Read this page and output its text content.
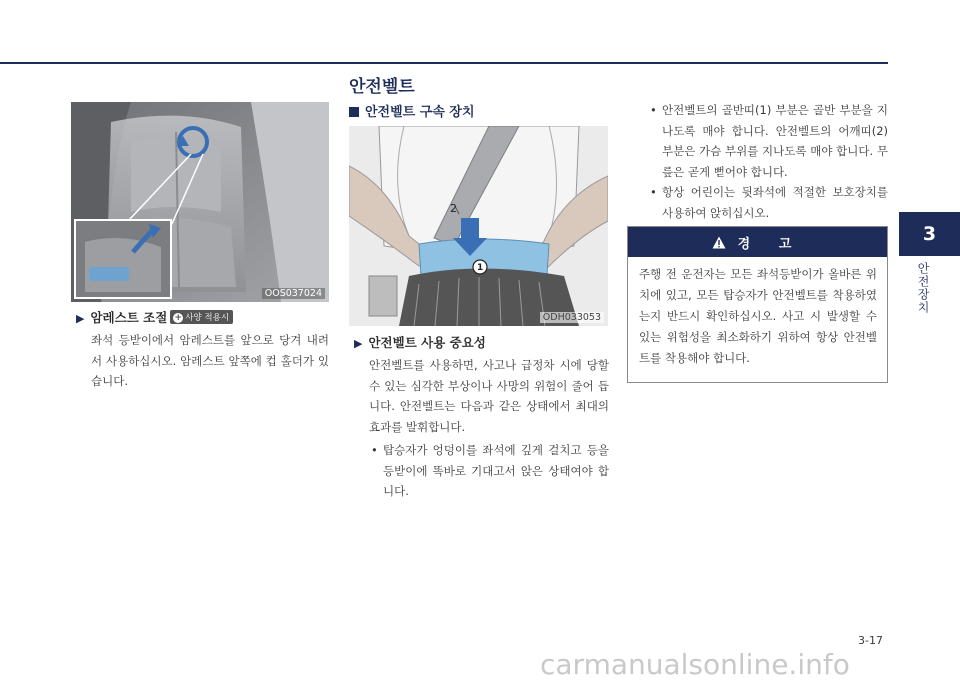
안전벨트
3
안전장치
OOS037024
▶ 암레스트 조절 + 사양 적용시

좌석 등받이에서 암레스트를 앞으로 당겨 내려서 사용하십시오. 암레스트 앞쪽에 컵 홀더가 있습니다.

안전벨트 구속 장치
2
1
ODH033053
▶ 안전벨트 사용 중요성

안전벨트를 사용하면, 사고나 급정차 시에 당할 수 있는 심각한 부상이나 사망의 위험이 줄어 듭니다. 안전벨트는 다음과 같은 상태에서 최대의 효과를 발휘합니다.

• 탑승자가 엉덩이를 좌석에 깊게 걸치고 등을 등받이에 똑바로 기대고서 앉은 상태여야 합니다.
• 안전벨트의 골반띠(1) 부분은 골반 부분을 지나도록 매야 합니다. 안전벨트의 어깨띠(2) 부분은 가슴 부위를 지나도록 매야 합니다. 무릎은 곧게 뻗어야 합니다.
• 항상 어린이는 뒷좌석에 적절한 보호장치를 사용하여 앉히십시오.
경 고
주행 전 운전자는 모든 좌석등받이가 올바른 위치에 있고, 모든 탑승자가 안전벨트를 착용하였는지 반드시 확인하십시오. 사고 시 발생할 수 있는 위험성을 최소화하기 위하여 항상 안전벨트를 착용해야 합니다.
3-17
carmanualsonline.info
